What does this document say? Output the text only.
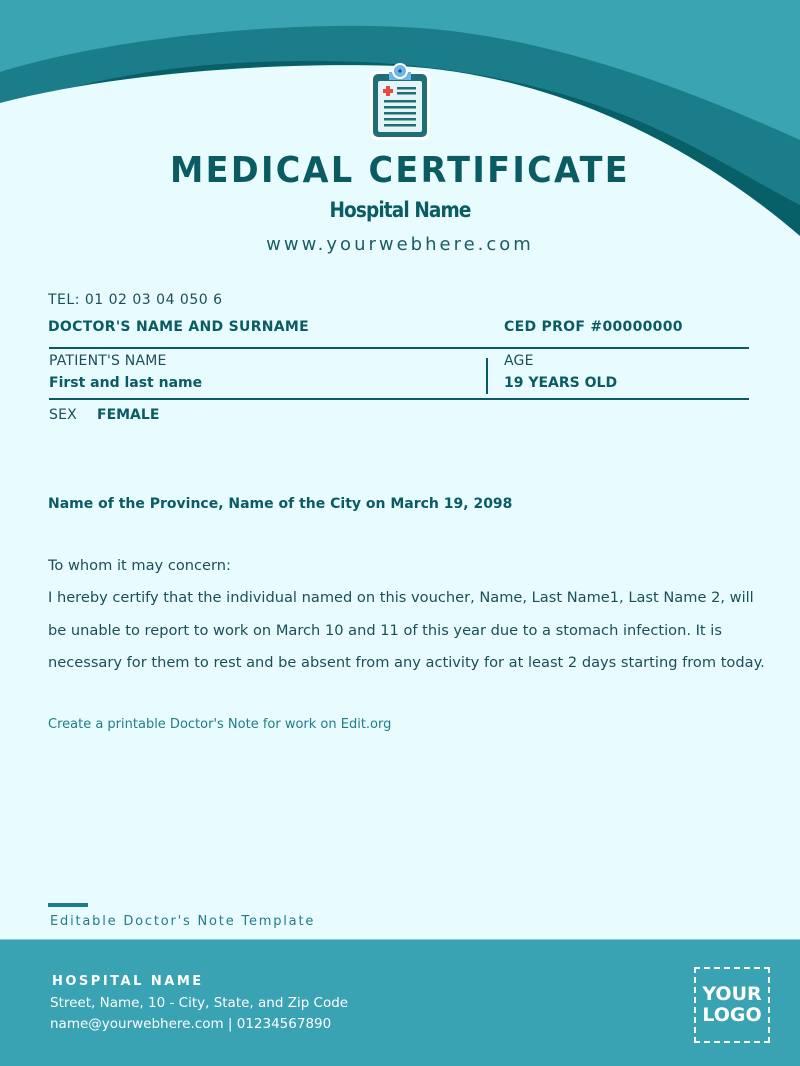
MEDICAL CERTIFICATE
Hospital Name
www.yourwebhere.com
TEL: 01 02 03 04 050 6
DOCTOR'S NAME AND SURNAME	CED PROF #00000000
PATIENT'S NAME
First and last name
AGE
19 YEARS OLD
SEX FEMALE
Name of the Province, Name of the City on March 19, 2098
To whom it may concern:
I hereby certify that the individual named on this voucher, Name, Last Name1, Last Name 2, will be unable to report to work on March 10 and 11 of this year due to a stomach infection. It is necessary for them to rest and be absent from any activity for at least 2 days starting from today.
Create a printable Doctor's Note for work on Edit.org
Editable Doctor's Note Template
HOSPITAL NAME
Street, Name, 10 - City, State, and Zip Code
name@yourwebhere.com | 01234567890
YOUR
LOGO
